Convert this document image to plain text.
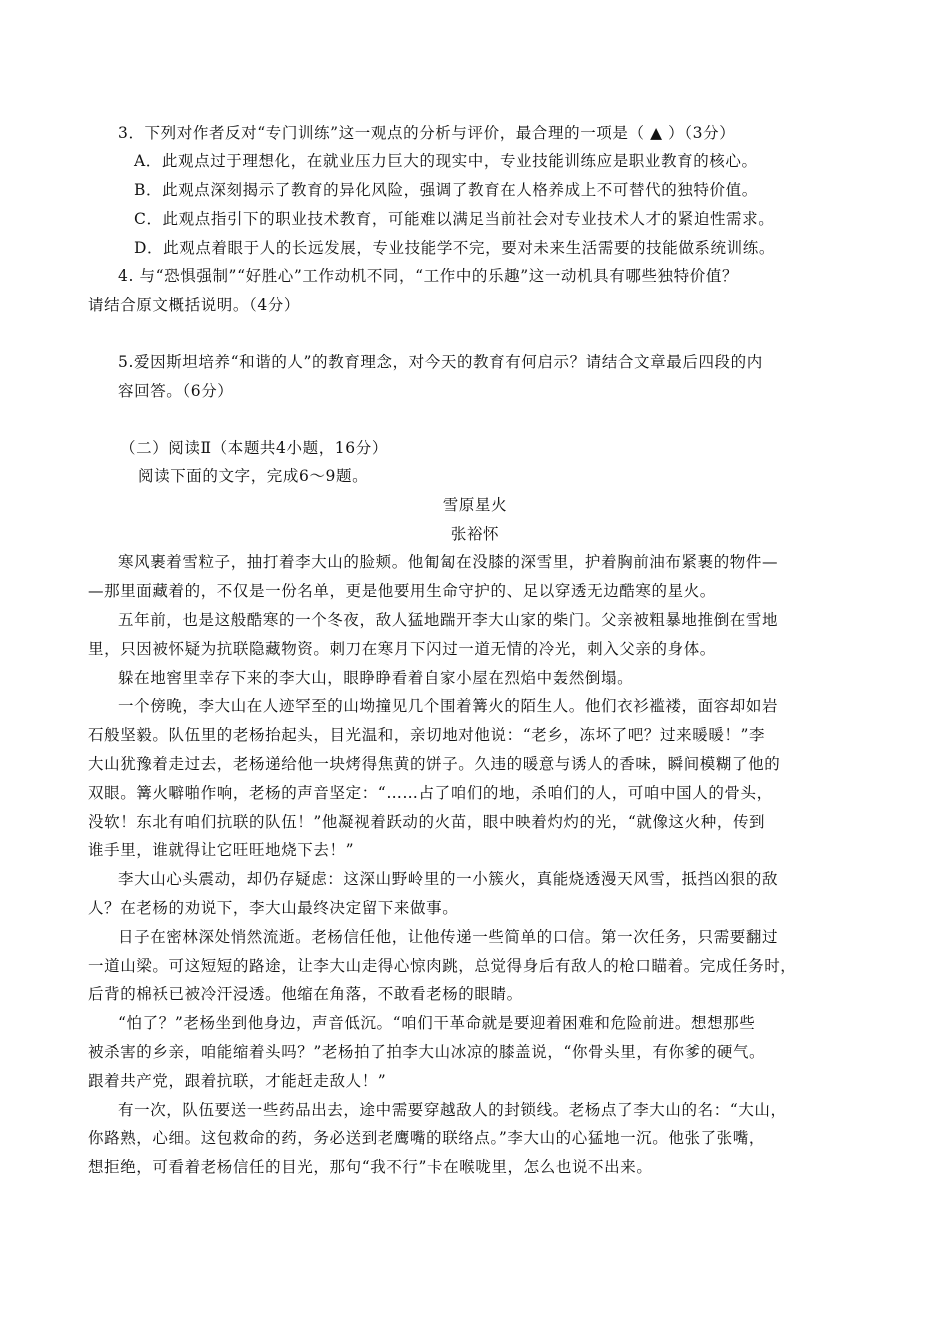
3．下列对作者反对“专门训练”这一观点的分析与评价，最合理的一项是（ ▲ ）（3分）

A．此观点过于理想化，在就业压力巨大的现实中，专业技能训练应是职业教育的核心。

B．此观点深刻揭示了教育的异化风险，强调了教育在人格养成上不可替代的独特价值。

C．此观点指引下的职业技术教育，可能难以满足当前社会对专业技术人才的紧迫性需求。

D．此观点着眼于人的长远发展，专业技能学不完，要对未来生活需要的技能做系统训练。

4. 与“恐惧强制”“好胜心”工作动机不同，“工作中的乐趣”这一动机具有哪些独特价值？

请结合原文概括说明。（4分）

5.爱因斯坦培养“和谐的人”的教育理念，对今天的教育有何启示？请结合文章最后四段的内

容回答。（6分）

（二）阅读Ⅱ（本题共4小题，16分）

阅读下面的文字，完成6～9题。

雪原星火

张裕怀

寒风裹着雪粒子，抽打着李大山的脸颊。他匍匐在没膝的深雪里，护着胸前油布紧裹的物件—

—那里面藏着的，不仅是一份名单，更是他要用生命守护的、足以穿透无边酷寒的星火。

五年前，也是这般酷寒的一个冬夜，敌人猛地踹开李大山家的柴门。父亲被粗暴地推倒在雪地

里，只因被怀疑为抗联隐藏物资。刺刀在寒月下闪过一道无情的冷光，刺入父亲的身体。

躲在地窖里幸存下来的李大山，眼睁睁看着自家小屋在烈焰中轰然倒塌。

一个傍晚，李大山在人迹罕至的山坳撞见几个围着篝火的陌生人。他们衣衫褴褛，面容却如岩

石般坚毅。队伍里的老杨抬起头，目光温和，亲切地对他说：“老乡，冻坏了吧？过来暖暖！”李

大山犹豫着走过去，老杨递给他一块烤得焦黄的饼子。久违的暖意与诱人的香味，瞬间模糊了他的

双眼。篝火噼啪作响，老杨的声音坚定：“……占了咱们的地，杀咱们的人，可咱中国人的骨头，

没软！东北有咱们抗联的队伍！”他凝视着跃动的火苗，眼中映着灼灼的光，“就像这火种，传到

谁手里，谁就得让它旺旺地烧下去！”

李大山心头震动，却仍存疑虑：这深山野岭里的一小簇火，真能烧透漫天风雪，抵挡凶狠的敌

人？在老杨的劝说下，李大山最终决定留下来做事。

日子在密林深处悄然流逝。老杨信任他，让他传递一些简单的口信。第一次任务，只需要翻过

一道山梁。可这短短的路途，让李大山走得心惊肉跳，总觉得身后有敌人的枪口瞄着。完成任务时，

后背的棉袄已被冷汗浸透。他缩在角落，不敢看老杨的眼睛。

“怕了？”老杨坐到他身边，声音低沉。“咱们干革命就是要迎着困难和危险前进。想想那些

被杀害的乡亲，咱能缩着头吗？”老杨拍了拍李大山冰凉的膝盖说，“你骨头里，有你爹的硬气。

跟着共产党，跟着抗联，才能赶走敌人！”

有一次，队伍要送一些药品出去，途中需要穿越敌人的封锁线。老杨点了李大山的名：“大山，

你路熟，心细。这包救命的药，务必送到老鹰嘴的联络点。”李大山的心猛地一沉。他张了张嘴，

想拒绝，可看着老杨信任的目光，那句“我不行”卡在喉咙里，怎么也说不出来。
